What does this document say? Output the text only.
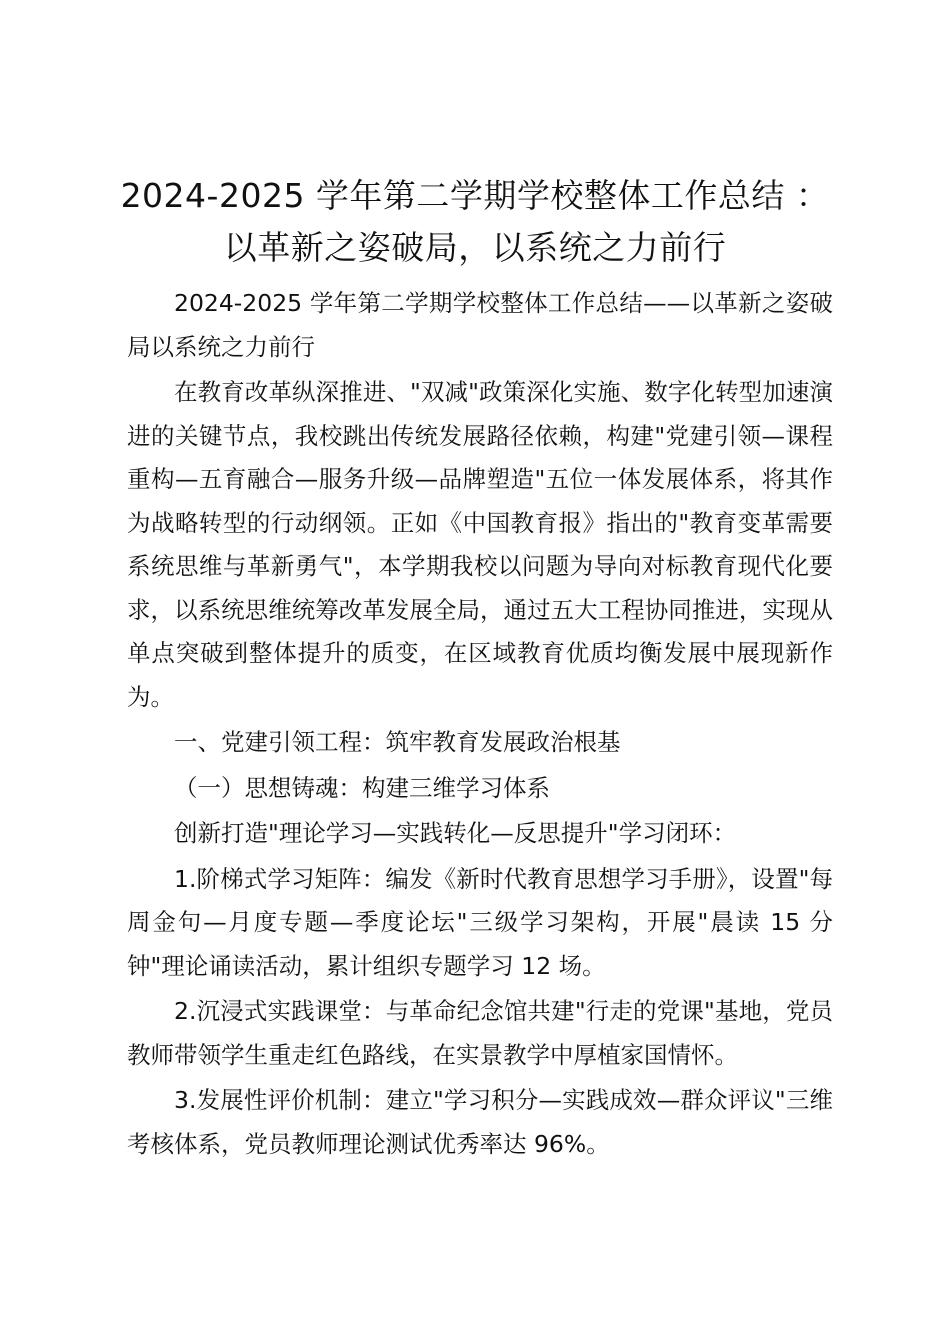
2024-2025 学年第二学期学校整体工作总结 ：
以革新之姿破局，以系统之力前行

2024-2025 学年第二学期学校整体工作总结——以革新之姿破局以系统之力前行

在教育改革纵深推进、"双减"政策深化实施、数字化转型加速演进的关键节点，我校跳出传统发展路径依赖，构建"党建引领—课程重构—五育融合—服务升级—品牌塑造"五位一体发展体系，将其作为战略转型的行动纲领。正如《中国教育报》指出的"教育变革需要系统思维与革新勇气"，本学期我校以问题为导向对标教育现代化要求，以系统思维统筹改革发展全局，通过五大工程协同推进，实现从单点突破到整体提升的质变，在区域教育优质均衡发展中展现新作为。

一、党建引领工程：筑牢教育发展政治根基

（一）思想铸魂：构建三维学习体系

创新打造"理论学习—实践转化—反思提升"学习闭环：

1.阶梯式学习矩阵：编发《新时代教育思想学习手册》，设置"每周金句—月度专题—季度论坛"三级学习架构，开展"晨读 15 分钟"理论诵读活动，累计组织专题学习 12 场。

2.沉浸式实践课堂：与革命纪念馆共建"行走的党课"基地，党员教师带领学生重走红色路线，在实景教学中厚植家国情怀。

3.发展性评价机制：建立"学习积分—实践成效—群众评议"三维考核体系，党员教师理论测试优秀率达 96%。
